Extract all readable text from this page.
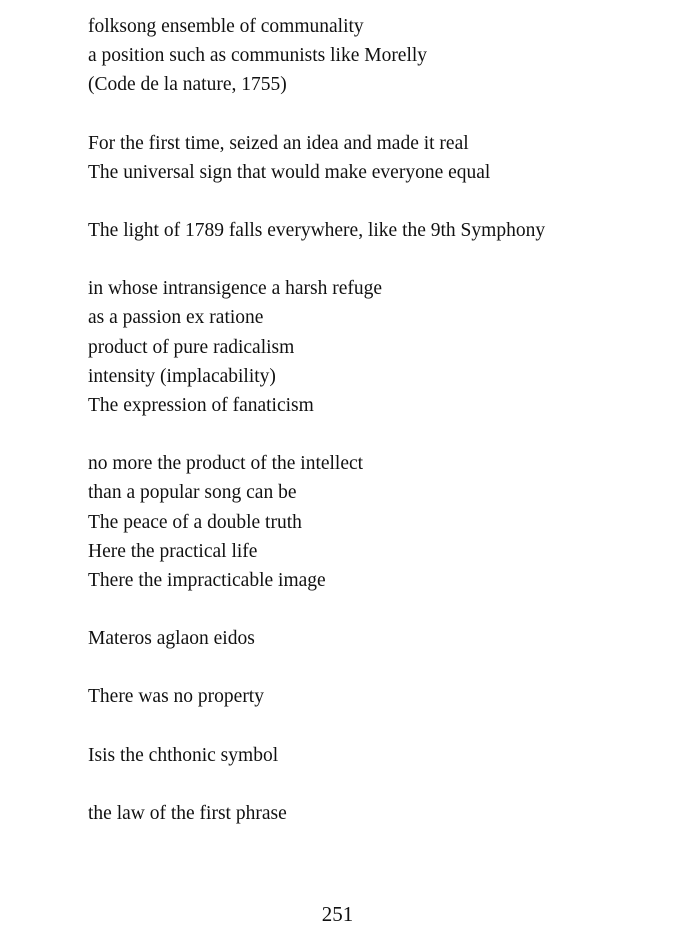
folksong ensemble of communality
a position such as communists like Morelly
(Code de la nature, 1755)
For the first time, seized an idea and made it real
The universal sign that would make everyone equal
The light of 1789 falls everywhere, like the 9th Symphony
in whose intransigence a harsh refuge
as a passion ex ratione
product of pure radicalism
intensity (implacability)
The expression of fanaticism
no more the product of the intellect
than a popular song can be
The peace of a double truth
Here the practical life
There the impracticable image
Materos aglaon eidos
There was no property
Isis the chthonic symbol
the law of the first phrase
251
